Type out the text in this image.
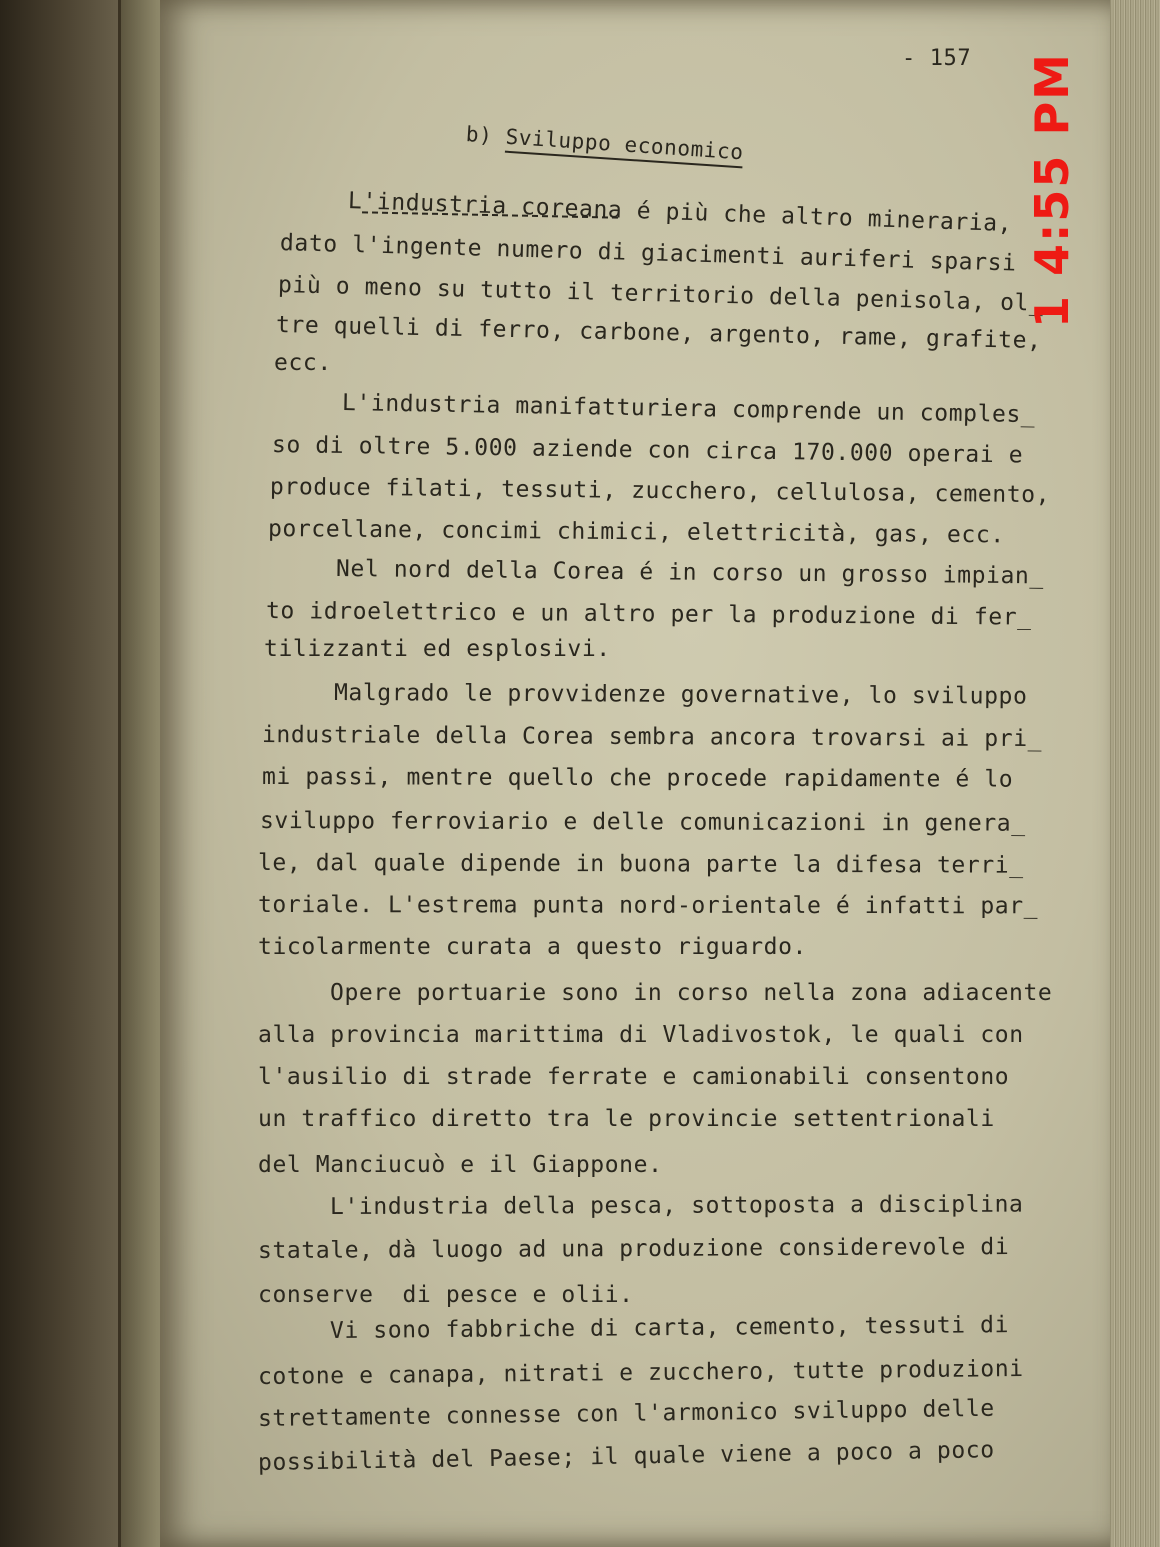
- 157
b) Sviluppo economico
L'industria coreana é più che altro mineraria,
dato l'ingente numero di giacimenti auriferi sparsi
più o meno su tutto il territorio della penisola, ol_
tre quelli di ferro, carbone, argento, rame, grafite,
ecc.
L'industria manifatturiera comprende un comples_
so di oltre 5.000 aziende con circa 170.000 operai e
produce filati, tessuti, zucchero, cellulosa, cemento,
porcellane, concimi chimici, elettricità, gas, ecc.
Nel nord della Corea é in corso un grosso impian_
to idroelettrico e un altro per la produzione di fer_
tilizzanti ed esplosivi.
Malgrado le provvidenze governative, lo sviluppo
industriale della Corea sembra ancora trovarsi ai pri_
mi passi, mentre quello che procede rapidamente é lo
sviluppo ferroviario e delle comunicazioni in genera_
le, dal quale dipende in buona parte la difesa terri_
toriale. L'estrema punta nord-orientale é infatti par_
ticolarmente curata a questo riguardo.
Opere portuarie sono in corso nella zona adiacente
alla provincia marittima di Vladivostok, le quali con
l'ausilio di strade ferrate e camionabili consentono
un traffico diretto tra le provincie settentrionali
del Manciucuò e il Giappone.
L'industria della pesca, sottoposta a disciplina
statale, dà luogo ad una produzione considerevole di
conserve  di pesce e olii.
Vi sono fabbriche di carta, cemento, tessuti di
cotone e canapa, nitrati e zucchero, tutte produzioni
strettamente connesse con l'armonico sviluppo delle
possibilità del Paese; il quale viene a poco a poco
1 4:55 PM
